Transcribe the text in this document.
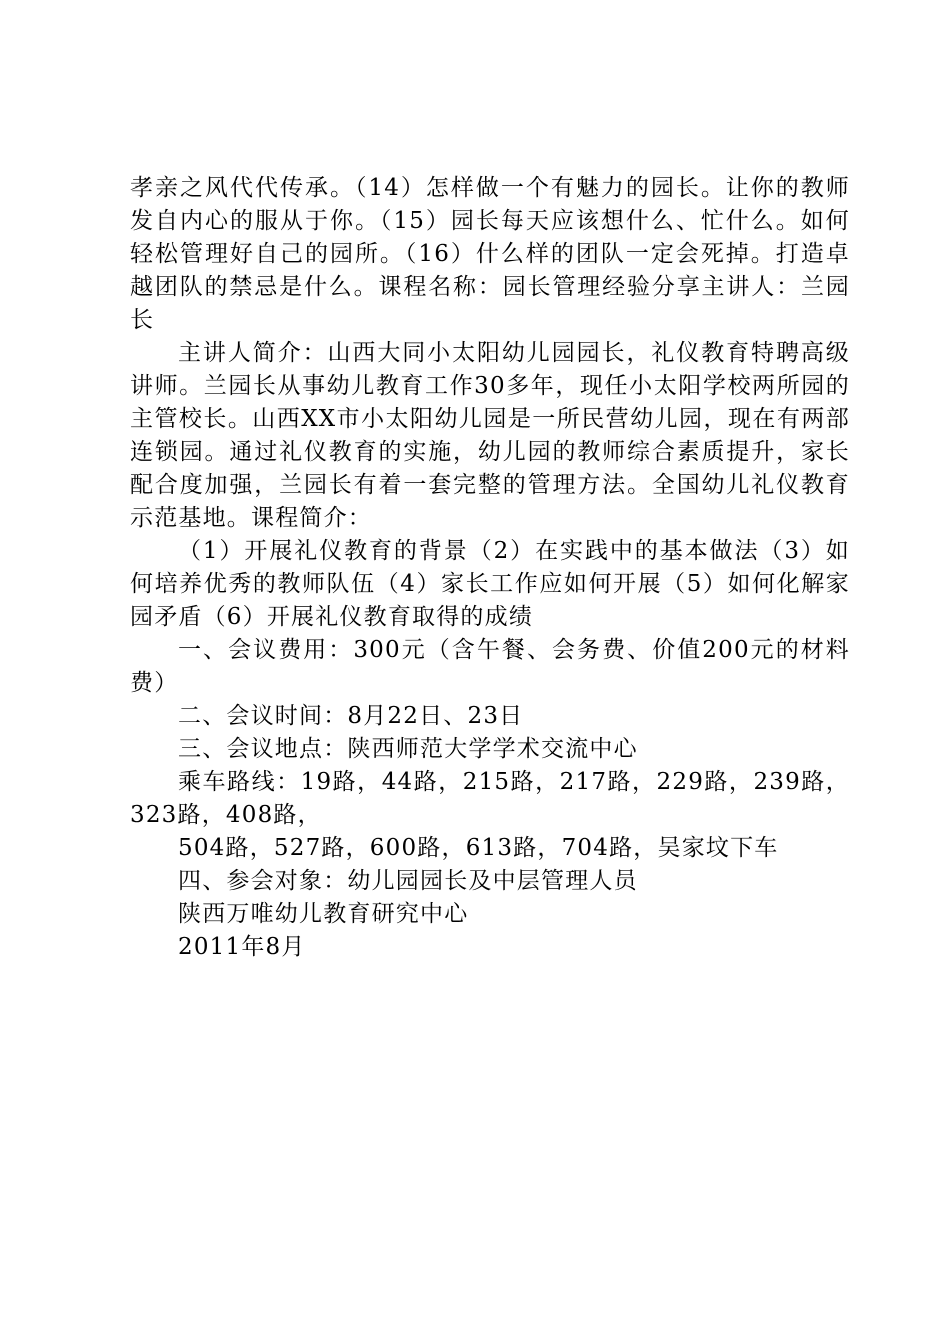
孝亲之风代代传承。（14）怎样做一个有魅力的园长。让你的教师发自内心的服从于你。（15）园长每天应该想什么、忙什么。如何轻松管理好自己的园所。（16）什么样的团队一定会死掉。打造卓越团队的禁忌是什么。课程名称：园长管理经验分享主讲人：兰园长

主讲人简介：山西大同小太阳幼儿园园长，礼仪教育特聘高级讲师。兰园长从事幼儿教育工作30多年，现任小太阳学校两所园的主管校长。山西XX市小太阳幼儿园是一所民营幼儿园，现在有两部连锁园。通过礼仪教育的实施，幼儿园的教师综合素质提升，家长配合度加强，兰园长有着一套完整的管理方法。全国幼儿礼仪教育示范基地。课程简介：

（1）开展礼仪教育的背景（2）在实践中的基本做法（3）如何培养优秀的教师队伍（4）家长工作应如何开展（5）如何化解家园矛盾（6）开展礼仪教育取得的成绩

一、会议费用：300元（含午餐、会务费、价值200元的材料费）

二、会议时间：8月22日、23日

三、会议地点：陕西师范大学学术交流中心

乘车路线：19路，44路，215路，217路，229路，239路，323路，408路，

504路，527路，600路，613路，704路，吴家坟下车

四、参会对象：幼儿园园长及中层管理人员

陕西万唯幼儿教育研究中心

2011年8月
